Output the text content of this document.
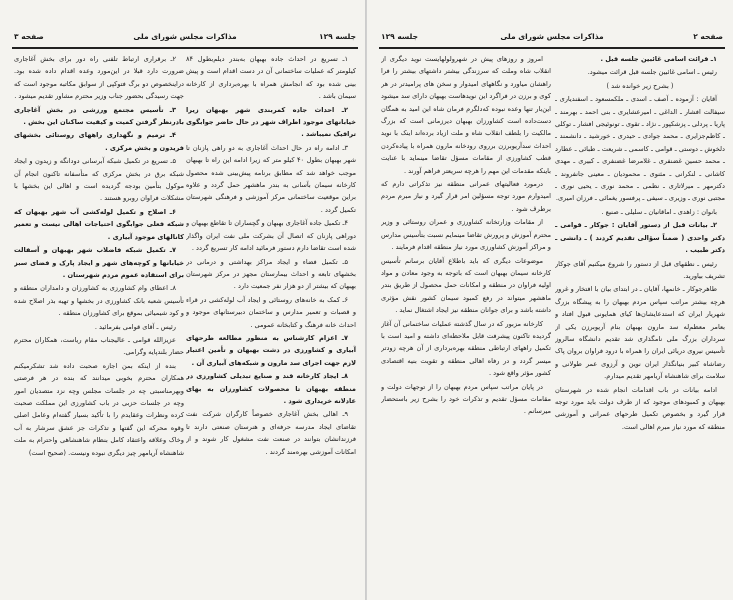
جلسه ۱۲۹
مذاکرات مجلس شورای ملی
صفحه ۳

۱ـ تسریع در احداث جاده بهبهان به‌بندر دیلم‌بطول ۸۴ کیلومتر که عملیات ساختمانی آن در دست اقدام است و پیش بینی شده بود که انجامش همراه با بهره‌برداری از کارخانه سیمان باشد .

۲ـ احداث جاده کمربندی شهر بهبهان زیرا خیابانهای موجود اطراف شهر در حال حاضر جوابگوی ترافیک نمیباشد .

۳ـ ادامه راه در حال احداث آغاجاری به دو راهی پازنان تا شهر بهبهان بطول ۴۰ کیلو متر که زیرا ادامه این راه تا بهبهان موجب خواهد شد که مطابق برنامه پیش‌بینی شده محصول کارخانه سیمان بآسانی به بندر ماهشهر حمل گردد و علاوه براین موقعیت ساختمانی مرکز آموزشی و فرهنگی شهرستان تکمیل گردد .

۴ـ تکمیل جاده آغاجاری بهبهان و گچساران تا تقاطع بهبهان و دوراهی پازنان که اتصال آن بشرکت ملی نفت ایران واگذار شده است تقاضا دارم دستور فرمائید ادامه کار تسریع گردد .

۵ـ تکمیل فضاء و ایجاد مراکز بهداشتی و درمانی در بخشهای تابعه و احداث بیمارستان مجهز در مرکز شهرستان بهبهان که بیشتر از دو هزار نفر جمعیت دارد .

۶ـ کمک به خانه‌های روستائی و ایجاد آب لوله‌کشی در قراء و قصبات و تعمیر مدارس و ساختمان دبیرستانهای موجود و احداث خانه فرهنگ و کتابخانه عمومی .

۷ـ اعزام کارشناس به منظور مطالعه طرحهای آبیاری و کشاورزی در دشت بهبهان و تأمین اعتبار لازم جهت اجرای سد مارون و شبکه‌های آبیاری آن .

۸ـ ایجاد کارخانه قند و صنایع تبدیلی کشاورزی در منطقه بهبهان تا محصولات کشاورزان به بهای عادلانه خریداری شود .

۹ـ اهالی بخش آغاجاری خصوصاً کارگران شرکت نفت تقاضای ایجاد مدرسه حرفه‌ای و هنرستان صنعتی دارند تا فرزندانشان بتوانند در صنعت نفت مشغول کار شوند و از امکانات آموزشی بهره‌مند گردند .

۲ـ برقراری ارتباط تلفنی راه دور برای بخش آغاجاری ضرورت دارد قبلا در این‌مورد وعده اقدام داده شده بود. دراینخصوص دو برگ فتوکپی از سوابق مکاتبه موجود است که جهت رسیدگی بحضور جناب وزیر محترم مشاور تقدیم میشود .

۳ـ تأسیس مجتمع ورزشی در بخش آغاجاری بادرنظر گرفتن کمیت و کیفیت ساکنان این بخش .

۴ـ ترمیم و نگهداری راههای روستائی بخشهای فریدون و بخش مرکزی .

۵ـ تسریع در تکمیل شبکه آبرسانی دودانگه و زیدون و ایجاد شبکه برق در بخش مرکزی که متأسفانه تاکنون انجام آن موکول بتأمین بودجه گردیده است و اهالی این بخشها با مشکلات فراوان روبرو هستند .

۶ـ اصلاح و تکمیل لوله‌کشی آب شهر بهبهان که شبکه فعلی جوابگوی احتیاجات اهالی نیست و تعمیر کانالهای موجود آبیاری .

۷ـ تکمیل شبکه فاضلاب شهر بهبهان و آسفالت خیابانها و کوچه‌های شهر و ایجاد پارک و فضای سبز برای استفاده عموم مردم شهرستان .

۸ـ اعطای وام کشاورزی به کشاورزان و دامداران منطقه و تأسیس شعبه بانک کشاورزی در بخشها و تهیه بذر اصلاح شده و کود شیمیائی بموقع برای کشاورزان منطقه .

رئیس ـ آقای قوامی بفرمائید .

عزیزالله قوامی ـ عالیجناب مقام ریاست، همکاران محترم حضار بلندپایه وگرامی.

بنده از اینکه بمن اجازه صحبت داده شد تشکرمیکنم همکاران محترم بخوبی میدانند که بنده در هر فرصتی وبهرمناسبتی چه در جلسات مجلس وچه نزد متصدیان امور وچه در جلسات حزبی در باب کشاورزی این مملکت صحبت کرده ونظرات وعقایدم را با تأکید بسیار گفته‌ام وعامل اصلی وقوه محرکه این گفتها و تذکرات جز عشق سرشار به آب وخاک وعلاقه واعتقاد کامل بنظام شاهنشاهی واحترام به ملت شاهنشاه آریامهر چیز دیگری نبوده ونیست. (صحیح است)

صفحه ۲
مذاکرات مجلس شورای ملی
جلسه ۱۲۹

۱ـ قرائت اسامی غائبین جلسه قبل .

رئیس ـ اسامی غائبین جلسه قبل قرائت میشود.

( بشرح زیر خوانده شد )

آقایان : آزموده ـ آصف ـ اسدی ـ ملکمسعود ـ اسفندیاری ـ سیفالت افشار ـ الداغی ـ امیرعشایری ـ بنی احمد ـ بهرمند ـ پاریا ـ پردلی ـ پزشکپور ـ نژاد ـ تقوی ـ تونوئیجی افشار ـ توکلی ـ کاظم‌جزایری ـ محمد جوادی ـ حیدری ـ خورشید ـ دانشمند ـ دلخوش ـ دوستی ـ قوامی ـ کاسمی ـ شریعت ـ طبائی ـ عطارد ـ محمد حسین غضنفری ـ غلامرضا غضنفری ـ کبیری ـ مهدی کاشانی ـ لنکرانی ـ مثنوی ـ محمودیان ـ معینی جانفروند ـ دکترمهر ـ میرلاتاری ـ نظمی ـ محمد نوری ـ یحیی نوری ـ مجتبی نوری ـ وزیری ـ سیفی ـ پرفسور یغمائی ـ فرزان امیری.

بانوان : زاهدی ـ اماقانیان ـ سلیلی ـ صنیع .

۲ـ بیانات قبل از دستور آقایان : جوکار ـ قوامی ـ دکتر واحدی ( ضمناً سؤالی تقدیم کردند ) ـ دانشی ـ دکتر طبیب .

رئیس ـ نطقهای قبل از دستور را شروع میکنیم آقای جوکار تشریف بیاورید.

طاهرجوکار ـ خانمها، آقایان ـ در ابتدای بیان با افتخار و غرور هرچه بیشتر مراتب سپاس مردم بهبهان را به پیشگاه بزرگ شهریار ایران که استدعایشان‌ها کیای همایونی قبول افتاد و بعامر معظم‌له سد مارون بهبهان بنام آریوبرزن یکی از سرداران بزرگ ملی نامگذاری شد تقدیم دانشگاه سالروز تأسیس نیروی دریائی ایران را همراه با درود فراوان بروان پاک رضاشاه کبیر بنیانگذار ایران نوین و آرزوی عمر طولانی و سلامت برای شاهنشاه آریامهر تقدیم میدارم.

ادامه بیانات در باب اقدامات انجام شده در شهرستان بهبهان و کمبودهای موجود که از طرف دولت باید مورد توجه قرار گیرد و بخصوص تکمیل طرحهای عمرانی و آموزشی منطقه که مورد نیاز مبرم اهالی است.

امروز و روزهای پیش در شهرولولهایست نوید دیگری از انقلاب شاه وملت که سرزندگی بیشتر داشتهای بیشتر را فرا راهشان میاورد و نگاههای امیدوار و سخن های پرامیدتر در هر کوی و برزن در فراگرد این نویدهاست بهبهان دارای سد میشود این‌بار تنها وعده نبوده که‌دلگرم فرمان شاه این امید به همگان دست‌داده است کشاورزان بهبهان دیرزمانی است که بزرگ مالکیت را بلطف انقلاب شاه و ملت ازیاد برده‌اند اینک با نوید احداث سدآریوبرزن برروی رودخانه مارون همراه با پیاده‌کردن قطب کشاورزی از مقامات مسؤل تقاضا مینماید با عنایت باینکه مقدمات این مهم را هرچه سریعتر فراهم آورند .

درمورد فعالیتهای عمرانی منطقه نیز تذکراتی دارم که امیدوارم مورد توجه مسؤلین امر قرار گیرد و نیاز مبرم مردم برطرف شود .

از مقامات وزارتخانه کشاورزی و عمران روستائی و وزیر محترم آموزش و پرورش تقاضا مینمایم نسبت بتأسیس مدارس و مراکز آموزش کشاورزی مورد نیاز منطقه اقدام فرمایند .

موضوعات دیگری که باید باطلاع آقایان برسانم تأسیس کارخانه سیمان بهبهان است که باتوجه به وجود معادن و مواد اولیه فراوان در منطقه و امکانات حمل محصول از طریق بندر ماهشهر میتواند در رفع کمبود سیمان کشور نقش مؤثری داشته باشد و برای جوانان منطقه نیز ایجاد اشتغال نماید .

کارخانه مزبور که در سال گذشته عملیات ساختمانی آن آغاز گردیده تاکنون پیشرفت قابل ملاحظه‌ای داشته و امید است با تکمیل راههای ارتباطی منطقه بهره‌برداری از آن هرچه زودتر میسر گردد و در رفاه اهالی منطقه و تقویت بنیه اقتصادی کشور مؤثر واقع شود .

در پایان مراتب سپاس مردم بهبهان را از توجهات دولت و مقامات مسؤل تقدیم و تذکرات خود را بشرح زیر باستحضار میرسانم .
